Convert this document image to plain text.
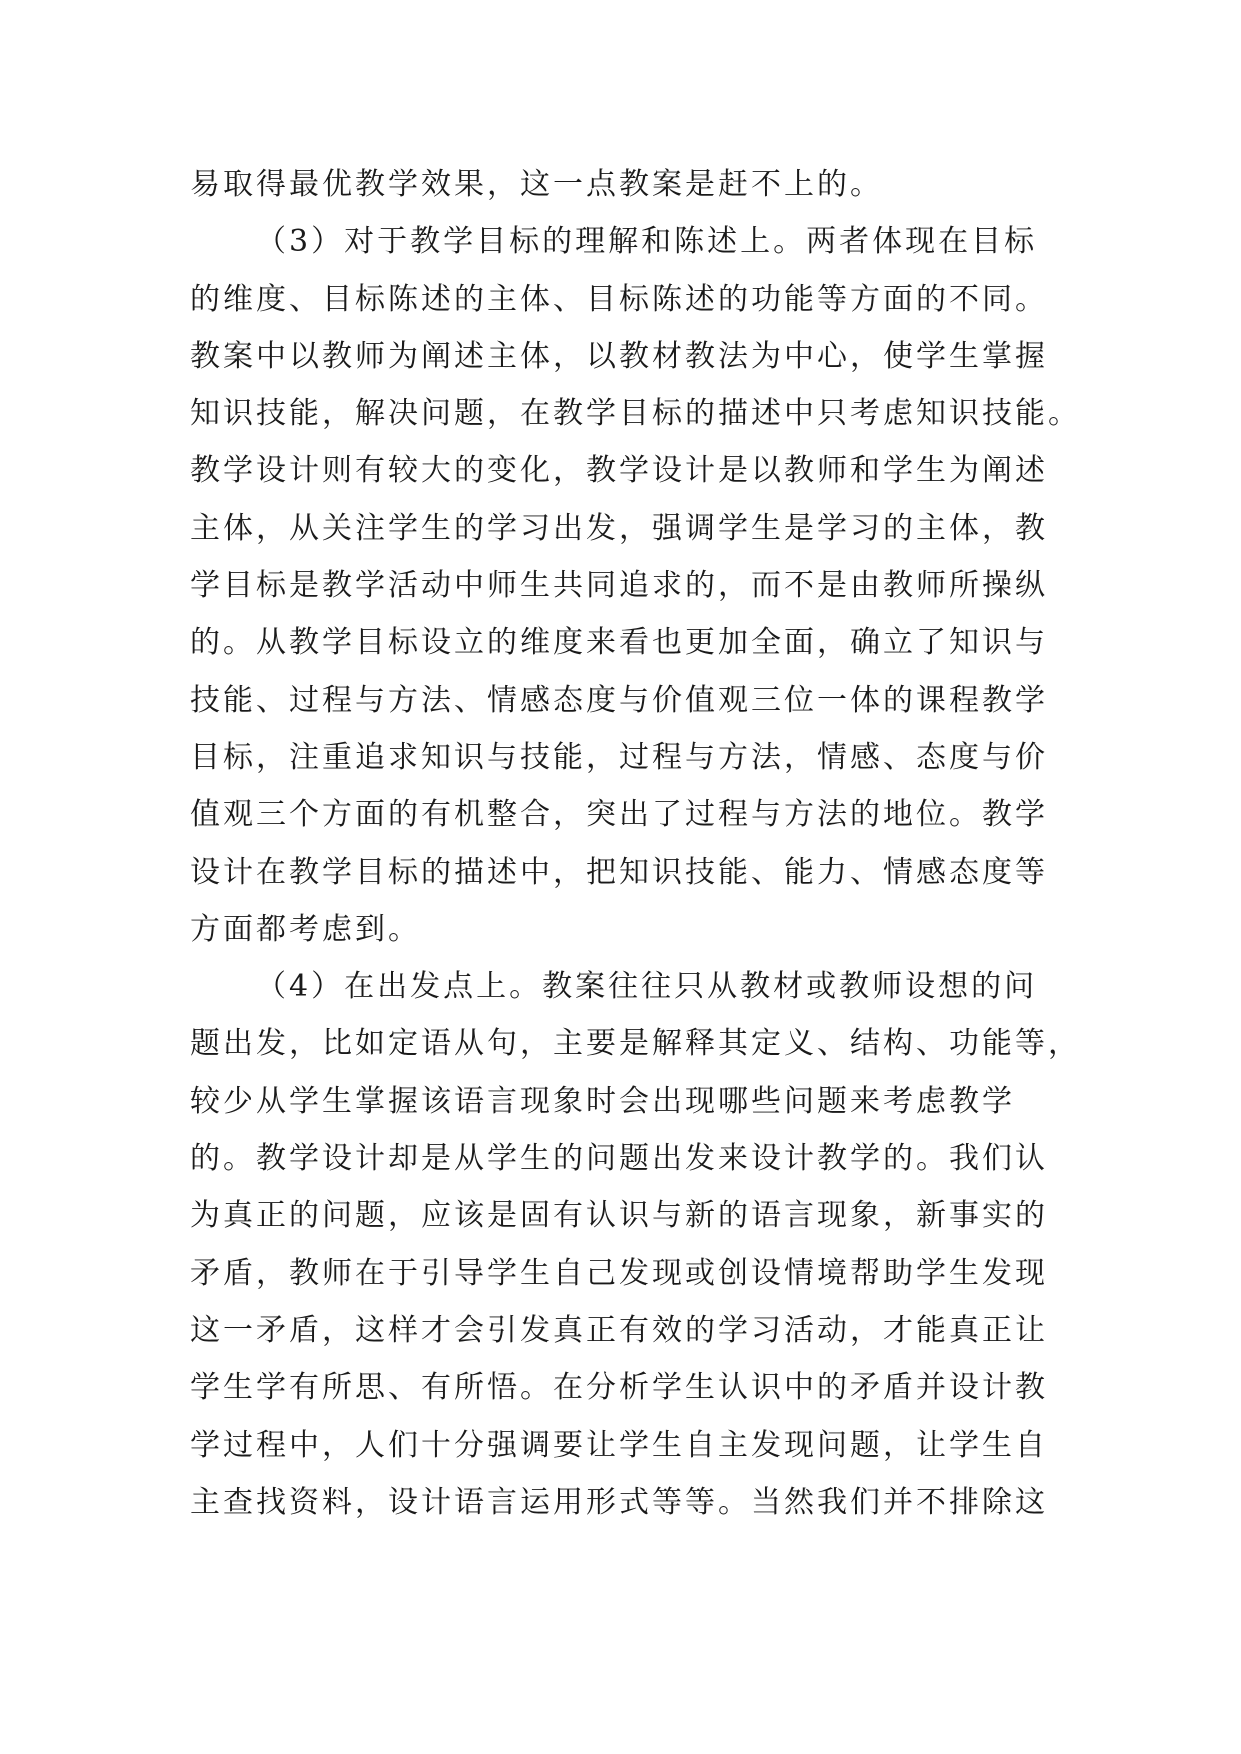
易取得最优教学效果，这一点教案是赶不上的。
（3）对于教学目标的理解和陈述上。两者体现在目标
的维度、目标陈述的主体、目标陈述的功能等方面的不同。
教案中以教师为阐述主体，以教材教法为中心，使学生掌握
知识技能，解决问题，在教学目标的描述中只考虑知识技能。
教学设计则有较大的变化，教学设计是以教师和学生为阐述
主体，从关注学生的学习出发，强调学生是学习的主体，教
学目标是教学活动中师生共同追求的，而不是由教师所操纵
的。从教学目标设立的维度来看也更加全面，确立了知识与
技能、过程与方法、情感态度与价值观三位一体的课程教学
目标，注重追求知识与技能，过程与方法，情感、态度与价
值观三个方面的有机整合，突出了过程与方法的地位。教学
设计在教学目标的描述中，把知识技能、能力、情感态度等
方面都考虑到。
（4）在出发点上。教案往往只从教材或教师设想的问
题出发，比如定语从句，主要是解释其定义、结构、功能等，
较少从学生掌握该语言现象时会出现哪些问题来考虑教学
的。教学设计却是从学生的问题出发来设计教学的。我们认
为真正的问题，应该是固有认识与新的语言现象，新事实的
矛盾，教师在于引导学生自己发现或创设情境帮助学生发现
这一矛盾，这样才会引发真正有效的学习活动，才能真正让
学生学有所思、有所悟。在分析学生认识中的矛盾并设计教
学过程中，人们十分强调要让学生自主发现问题，让学生自
主查找资料，设计语言运用形式等等。当然我们并不排除这
